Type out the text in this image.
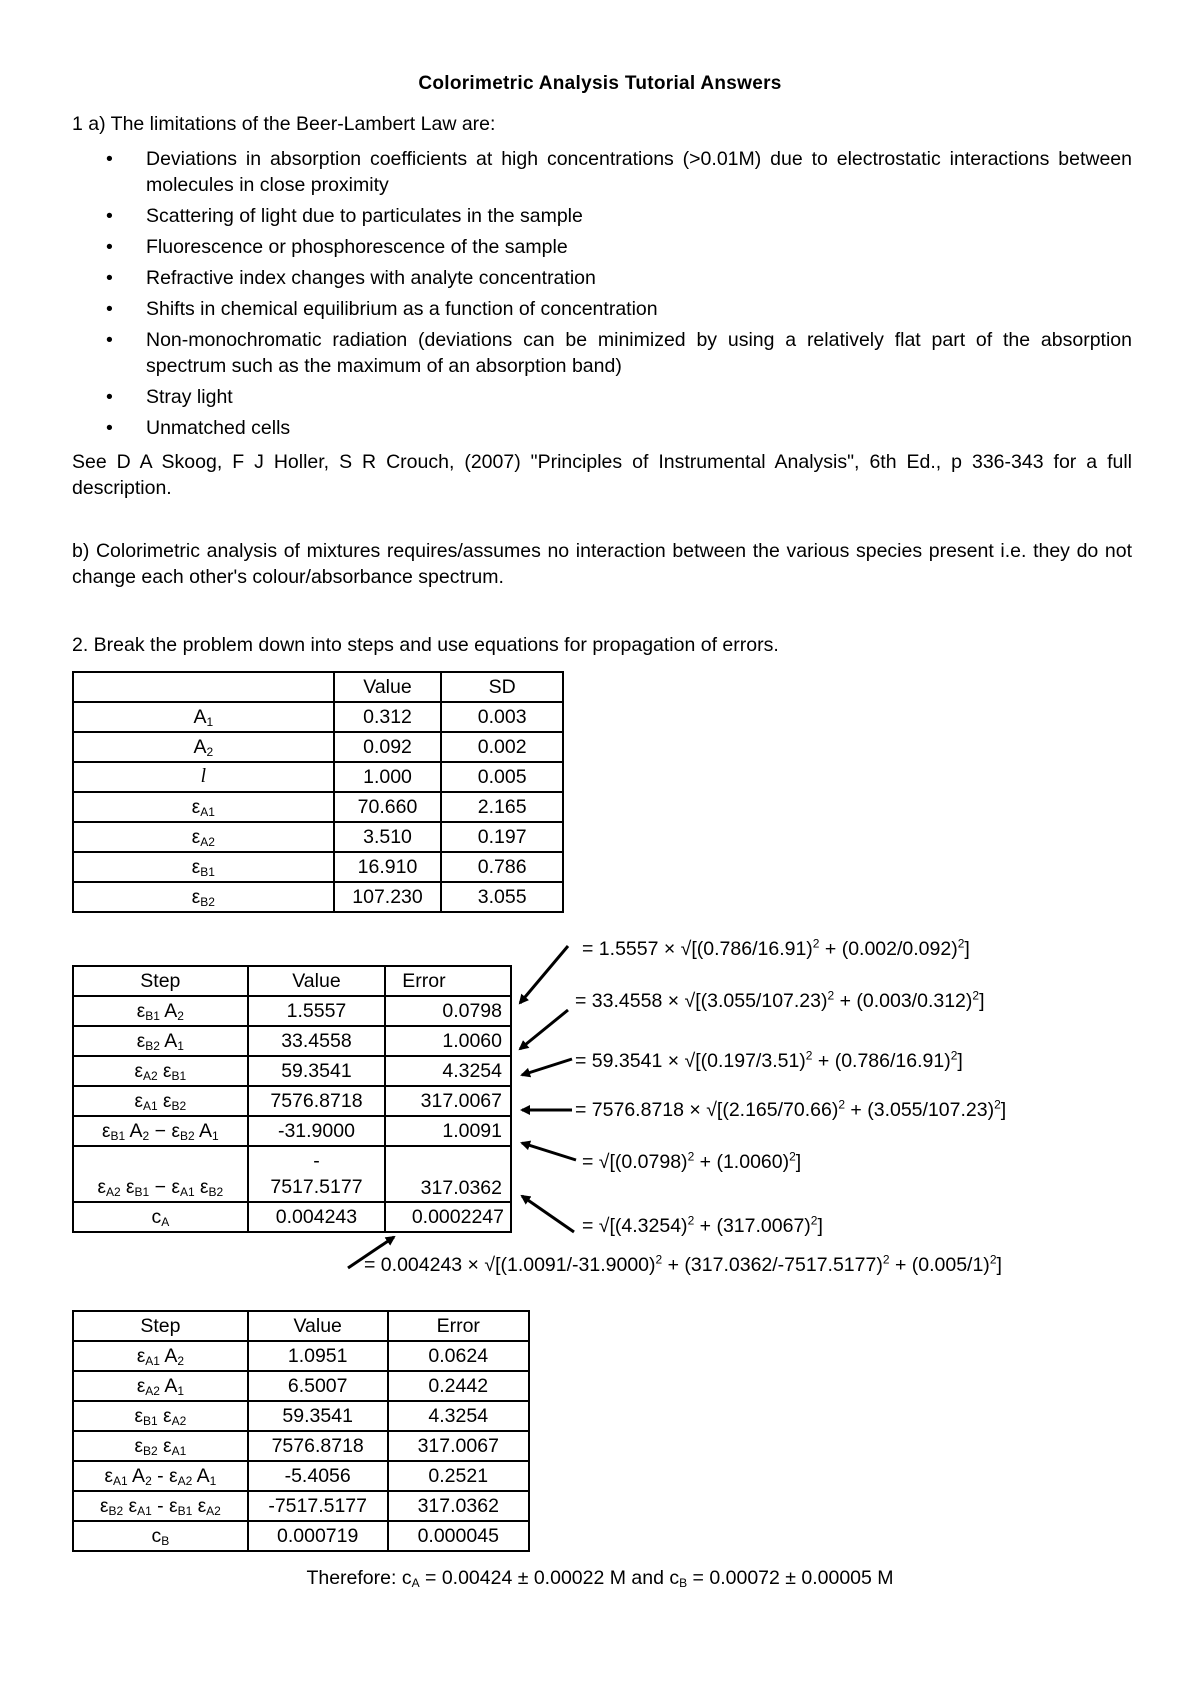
Colorimetric Analysis Tutorial Answers
1 a) The limitations of the Beer-Lambert Law are:
• Deviations in absorption coefficients at high concentrations (>0.01M) due to electrostatic interactions between molecules in close proximity
• Scattering of light due to particulates in the sample
• Fluorescence or phosphorescence of the sample
• Refractive index changes with analyte concentration
• Shifts in chemical equilibrium as a function of concentration
• Non-monochromatic radiation (deviations can be minimized by using a relatively flat part of the absorption spectrum such as the maximum of an absorption band)
• Stray light
• Unmatched cells
See D A Skoog, F J Holler, S R Crouch, (2007) "Principles of Instrumental Analysis", 6th Ed., p 336-343 for a full description.
b) Colorimetric analysis of mixtures requires/assumes no interaction between the various species present i.e. they do not change each other's colour/absorbance spectrum.
2. Break the problem down into steps and use equations for propagation of errors.
	Value	SD
$A_1$	0.312	0.003
$A_2$	0.092	0.002
l	1.000	0.005
$\varepsilon_{A1}$	70.660	2.165
$\varepsilon_{A2}$	3.510	0.197
$\varepsilon_{B1}$	16.910	0.786
$\varepsilon_{B2}$	107.230	3.055
Step	Value	Error
$\varepsilon_{B1}$ $A_2$	1.5557	0.0798
$\varepsilon_{B2}$ $A_1$	33.4558	1.0060
$\varepsilon_{A2}$ $\varepsilon_{B1}$	59.3541	4.3254
$\varepsilon_{A1}$ $\varepsilon_{B2}$	7576.8718	317.0067
$\varepsilon_{B1}$ $A_2 - \varepsilon_{B2}$ $A_1$	-31.9000	1.0091
$\varepsilon_{A2}$ $\varepsilon_{B1} - \varepsilon_{A1}$ $\varepsilon_{B2}$	-
7517.5177	317.0362
$c_A$	0.004243	0.0002247
= $1.5557 \times √[(0.786/16.91)^2 + (0.002/0.092)^2]$
= $33.4558 \times √[(3.055/107.23)^2 + (0.003/0.312)^2]$
= $59.3541 \times √[(0.197/3.51)^2 + (0.786/16.91)^2]$
= $7576.8718 \times √[(2.165/70.66)^2 + (3.055/107.23)^2]$
= $√[(0.0798)^2 + (1.0060)^2]$
= $√[(4.3254)^2 + (317.0067)^2]$
= $0.004243 \times √[(1.0091/-31.9000)^2 + (317.0362/-7517.5177)^2 + (0.005/1)^2]$
Step	Value	Error
$\varepsilon_{A1}$ $A_2$	1.0951	0.0624
$\varepsilon_{A2}$ $A_1$	6.5007	0.2442
$\varepsilon_{B1}$ $\varepsilon_{A2}$	59.3541	4.3254
$\varepsilon_{B2}$ $\varepsilon_{A1}$	7576.8718	317.0067
$\varepsilon_{A1}$ $A_2 - \varepsilon_{A2}$ $A_1$	-5.4056	0.2521
$\varepsilon_{B2}$ $\varepsilon_{A1} - \varepsilon_{B1}$ $\varepsilon_{A2}$	-7517.5177	317.0362
$c_B$	0.000719	0.000045
Therefore: $c_A = 0.00424 \pm 0.00022$ M and $c_B = 0.00072 \pm 0.00005$ M
